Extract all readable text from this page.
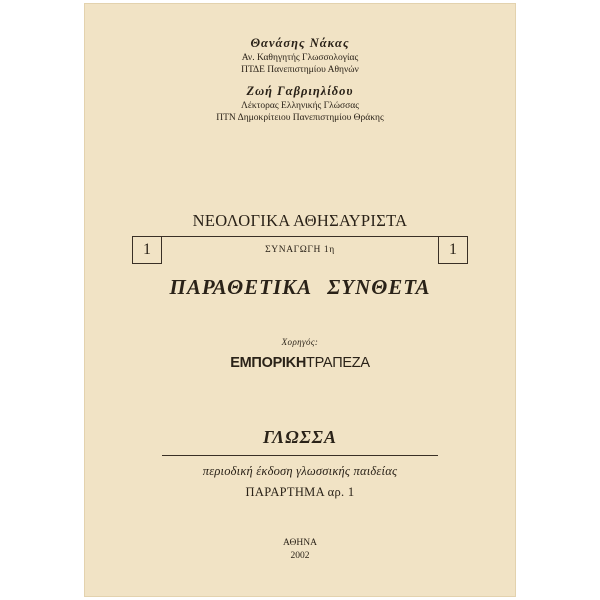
Θανάσης Νάκας
Αν. Καθηγητής Γλωσσολογίας
ΠΤΔΕ Πανεπιστημίου Αθηνών
Ζωή Γαβριηλίδου
Λέκτορας Ελληνικής Γλώσσας
ΠΤΝ Δημοκρίτειου Πανεπιστημίου Θράκης
ΝΕΟΛΟΓΙΚΑ ΑΘΗΣΑΥΡΙΣΤΑ
1	ΣΥΝΑΓΩΓΗ 1η	1
ΠΑΡΑΘΕΤΙΚΑ ΣΥΝΘΕΤΑ
Χορηγός:
ΕΜΠΟΡΙΚΗΤΡΑΠΕΖΑ
ΓΛΩΣΣΑ
περιοδική έκδοση γλωσσικής παιδείας
ΠΑΡΑΡΤΗΜΑ αρ. 1
ΑΘΗΝΑ
2002
